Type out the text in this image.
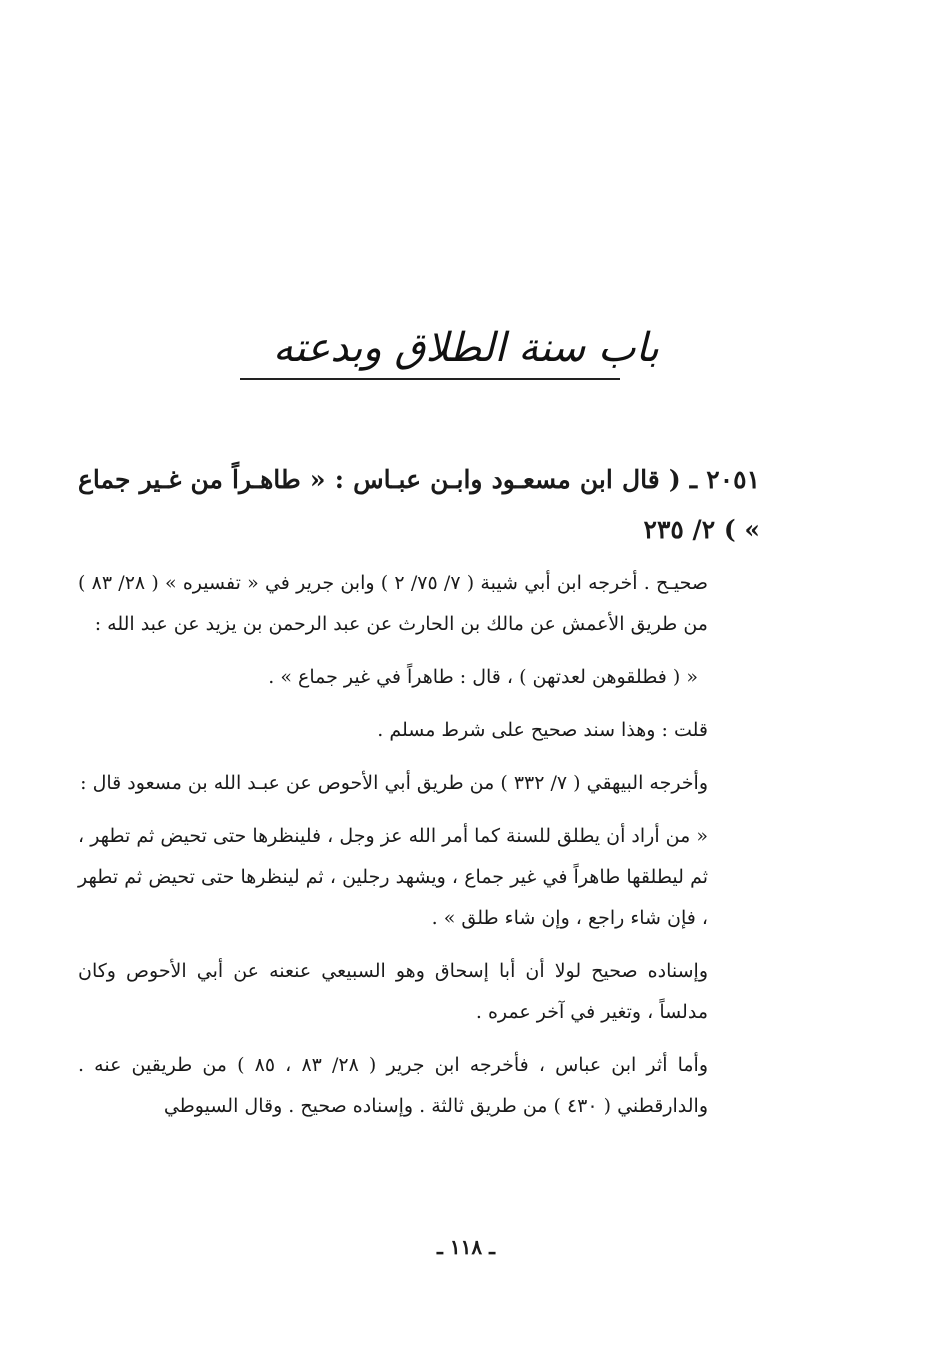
باب سنة الطلاق وبدعته

٢٠٥١ ـ ( قال ابن مسعـود وابـن عبـاس : « طاهـراً من غـير جماع » ) ٢/ ٢٣٥

صحيـح . أخرجه ابن أبي شيبة ( ٧/ ٧٥/ ٢ ) وابن جرير في « تفسيره » ( ٢٨/ ٨٣ ) من طريق الأعمش عن مالك بن الحارث عن عبد الرحمن بن يزيد عن عبد الله :

« ( فطلقوهن لعدتهن ) ، قال : طاهراً في غير جماع » .

قلت : وهذا سند صحيح على شرط مسلم .

وأخرجه البيهقي ( ٧/ ٣٣٢ ) من طريق أبي الأحوص عن عبـد الله بن مسعود قال :

« من أراد أن يطلق للسنة كما أمر الله عز وجل ، فلينظرها حتى تحيض ثم تطهر ، ثم ليطلقها طاهراً في غير جماع ، ويشهد رجلين ، ثم لينظرها حتى تحيض ثم تطهر ، فإن شاء راجع ، وإن شاء طلق » .

وإسناده صحيح لولا أن أبا إسحاق وهو السبيعي عنعنه عن أبي الأحوص وكان مدلساً ، وتغير في آخر عمره .

وأما أثر ابن عباس ، فأخرجه ابن جرير ( ٢٨/ ٨٣ ، ٨٥ ) من طريقين عنه . والدارقطني ( ٤٣٠ ) من طريق ثالثة . وإسناده صحيح . وقال السيوطي

ـ ١١٨ ـ
